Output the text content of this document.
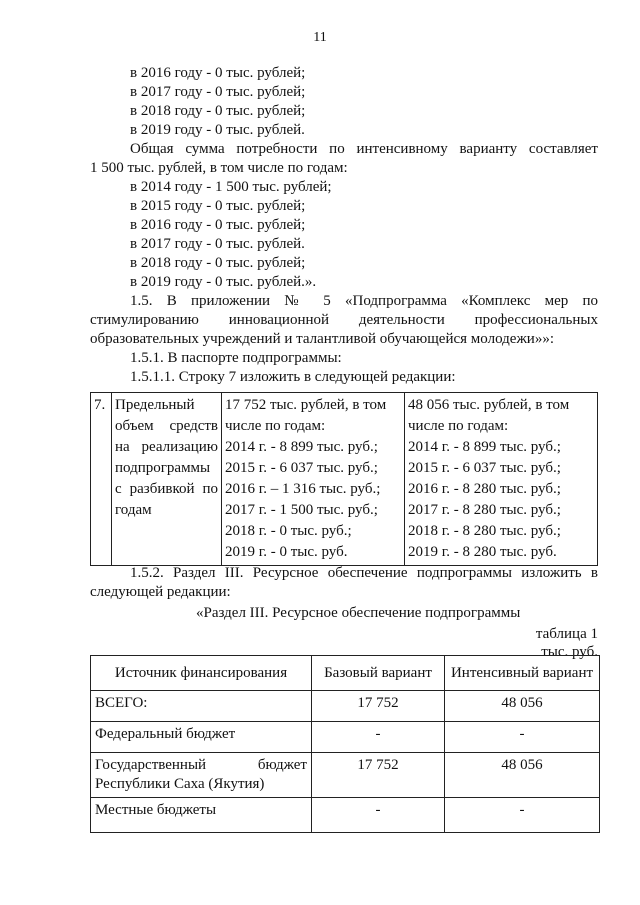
11
в 2016 году - 0 тыс. рублей;
в 2017 году - 0 тыс. рублей;
в 2018 году - 0 тыс. рублей;
в 2019 году - 0 тыс. рублей.
Общая сумма потребности по интенсивному варианту составляет
1 500 тыс. рублей, в том числе по годам:
в 2014 году - 1 500 тыс. рублей;
в 2015 году - 0 тыс. рублей;
в 2016 году - 0 тыс. рублей;
в 2017 году - 0 тыс. рублей.
в 2018 году - 0 тыс. рублей;
в 2019 году - 0 тыс. рублей.».
1.5. В приложении № 5 «Подпрограмма «Комплекс мер по
стимулированию инновационной деятельности профессиональных
образовательных учреждений и талантливой обучающейся молодежи»»:
1.5.1. В паспорте подпрограммы:
1.5.1.1. Строку 7 изложить в следующей редакции:
7.	Предельный
объем средств
на реализацию
подпрограммы
с разбивкой по
годам

17 752 тыс. рублей, в том
числе по годам:
2014 г. - 8 899 тыс. руб.;
2015 г. - 6 037 тыс. руб.;
2016 г. – 1 316 тыс. руб.;
2017 г. - 1 500 тыс. руб.;
2018 г. - 0 тыс. руб.;
2019 г. - 0 тыс. руб.

48 056 тыс. рублей, в том
числе по годам:
2014 г. - 8 899 тыс. руб.;
2015 г. - 6 037 тыс. руб.;
2016 г. - 8 280 тыс. руб.;
2017 г. - 8 280 тыс. руб.;
2018 г. - 8 280 тыс. руб.;
2019 г. - 8 280 тыс. руб.
1.5.2. Раздел III. Ресурсное обеспечение подпрограммы изложить в
следующей редакции:
«Раздел III. Ресурсное обеспечение подпрограммы
таблица 1
тыс. руб.
Источник финансирования	Базовый вариант	Интенсивный вариант
ВСЕГО:	17 752	48 056
Федеральный бюджет	-	-

Государственный бюджет
Республики Саха (Якутия)	17 752	48 056
Местные бюджеты	-	-
